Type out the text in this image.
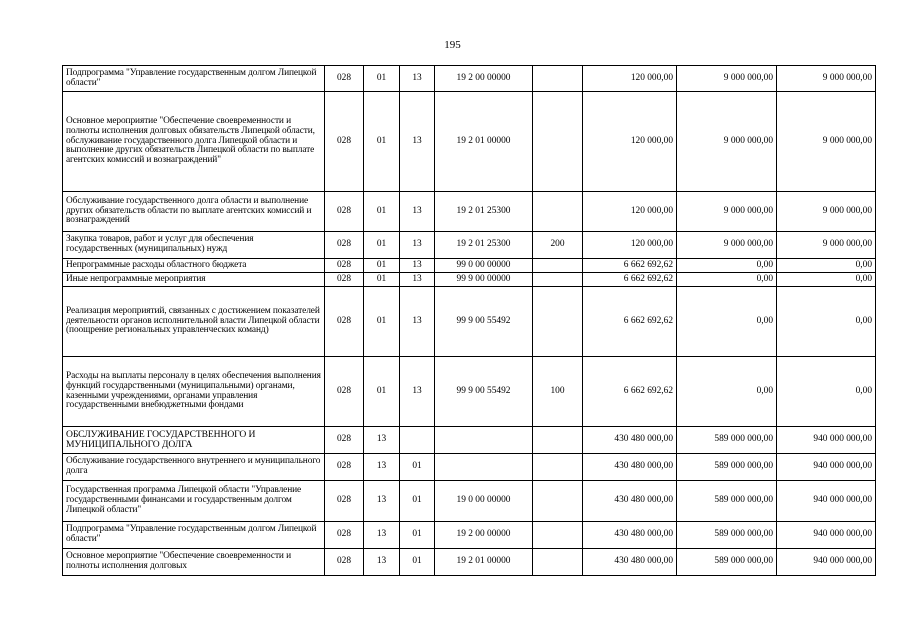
195
Подпрограмма "Управление государственным долгом Липецкой области"	028	01	13	19 2 00 00000		120 000,00	9 000 000,00	9 000 000,00
Основное мероприятие "Обеспечение своевременности и полноты исполнения долговых обязательств Липецкой области, обслуживание государственного долга Липецкой области и выполнение других обязательств Липецкой области по выплате агентских комиссий и вознаграждений"	028	01	13	19 2 01 00000		120 000,00	9 000 000,00	9 000 000,00
Обслуживание государственного долга области и выполнение других обязательств области по выплате агентских комиссий и вознаграждений	028	01	13	19 2 01 25300		120 000,00	9 000 000,00	9 000 000,00
Закупка товаров, работ и услуг для обеспечения государственных (муниципальных) нужд	028	01	13	19 2 01 25300	200	120 000,00	9 000 000,00	9 000 000,00
Непрограммные расходы областного бюджета	028	01	13	99 0 00 00000		6 662 692,62	0,00	0,00
Иные непрограммные мероприятия	028	01	13	99 9 00 00000		6 662 692,62	0,00	0,00
Реализация мероприятий, связанных с достижением показателей деятельности органов исполнительной власти Липецкой области (поощрение региональных управленческих команд)	028	01	13	99 9 00 55492		6 662 692,62	0,00	0,00
Расходы на выплаты персоналу в целях обеспечения выполнения функций государственными (муниципальными) органами, казенными учреждениями, органами управления государственными внебюджетными фондами	028	01	13	99 9 00 55492	100	6 662 692,62	0,00	0,00
ОБСЛУЖИВАНИЕ ГОСУДАРСТВЕННОГО И МУНИЦИПАЛЬНОГО ДОЛГА	028	13				430 480 000,00	589 000 000,00	940 000 000,00
Обслуживание государственного внутреннего и муниципального долга	028	13	01			430 480 000,00	589 000 000,00	940 000 000,00
Государственная программа Липецкой области "Управление государственными финансами и государственным долгом Липецкой области"	028	13	01	19 0 00 00000		430 480 000,00	589 000 000,00	940 000 000,00
Подпрограмма "Управление государственным долгом Липецкой области"	028	13	01	19 2 00 00000		430 480 000,00	589 000 000,00	940 000 000,00
Основное мероприятие "Обеспечение своевременности и полноты исполнения долговых	028	13	01	19 2 01 00000		430 480 000,00	589 000 000,00	940 000 000,00
